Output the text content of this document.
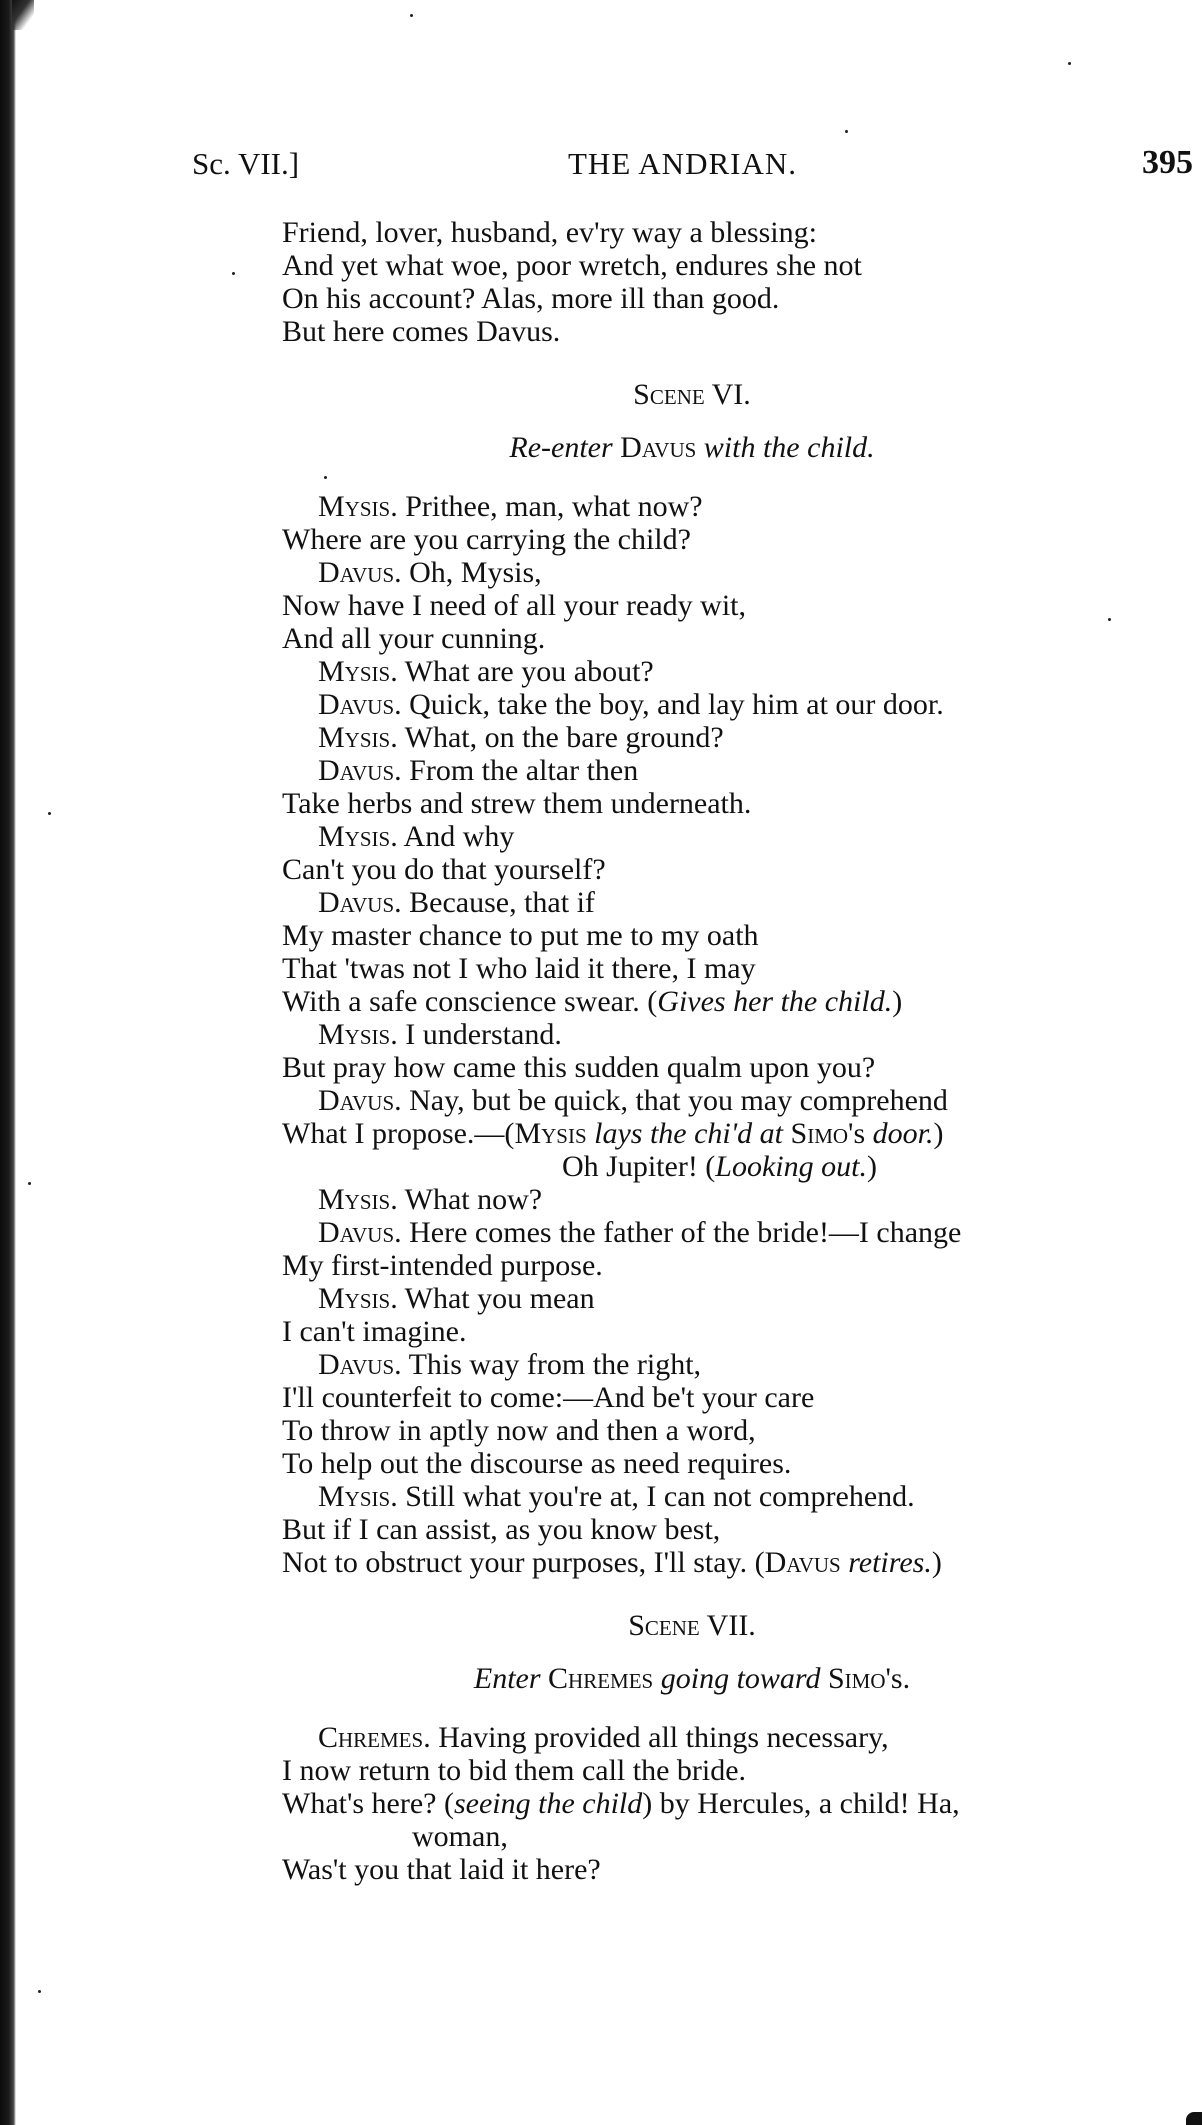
Sc. VII.]	THE ANDRIAN.	395
Friend, lover, husband, ev'ry way a blessing:
And yet what woe, poor wretch, endures she not
On his account? Alas, more ill than good.
But here comes Davus.
Scene VI.
Re-enter Davus with the child.
Mysis. Prithee, man, what now?
Where are you carrying the child?
Davus. Oh, Mysis,
Now have I need of all your ready wit,
And all your cunning.
Mysis. What are you about?
Davus. Quick, take the boy, and lay him at our door.
Mysis. What, on the bare ground?
Davus. From the altar then
Take herbs and strew them underneath.
Mysis. And why
Can't you do that yourself?
Davus. Because, that if
My master chance to put me to my oath
That 'twas not I who laid it there, I may
With a safe conscience swear. (Gives her the child.)
Mysis. I understand.
But pray how came this sudden qualm upon you?
Davus. Nay, but be quick, that you may comprehend
What I propose.—(Mysis lays the chi'd at Simo's door.)
Oh Jupiter! (Looking out.)
Mysis. What now?
Davus. Here comes the father of the bride!—I change
My first-intended purpose.
Mysis. What you mean
I can't imagine.
Davus. This way from the right,
I'll counterfeit to come:—And be't your care
To throw in aptly now and then a word,
To help out the discourse as need requires.
Mysis. Still what you're at, I can not comprehend.
But if I can assist, as you know best,
Not to obstruct your purposes, I'll stay. (Davus retires.)
Scene VII.
Enter Chremes going toward Simo's.
Chremes. Having provided all things necessary,
I now return to bid them call the bride.
What's here? (seeing the child) by Hercules, a child! Ha,
woman,
Was't you that laid it here?
